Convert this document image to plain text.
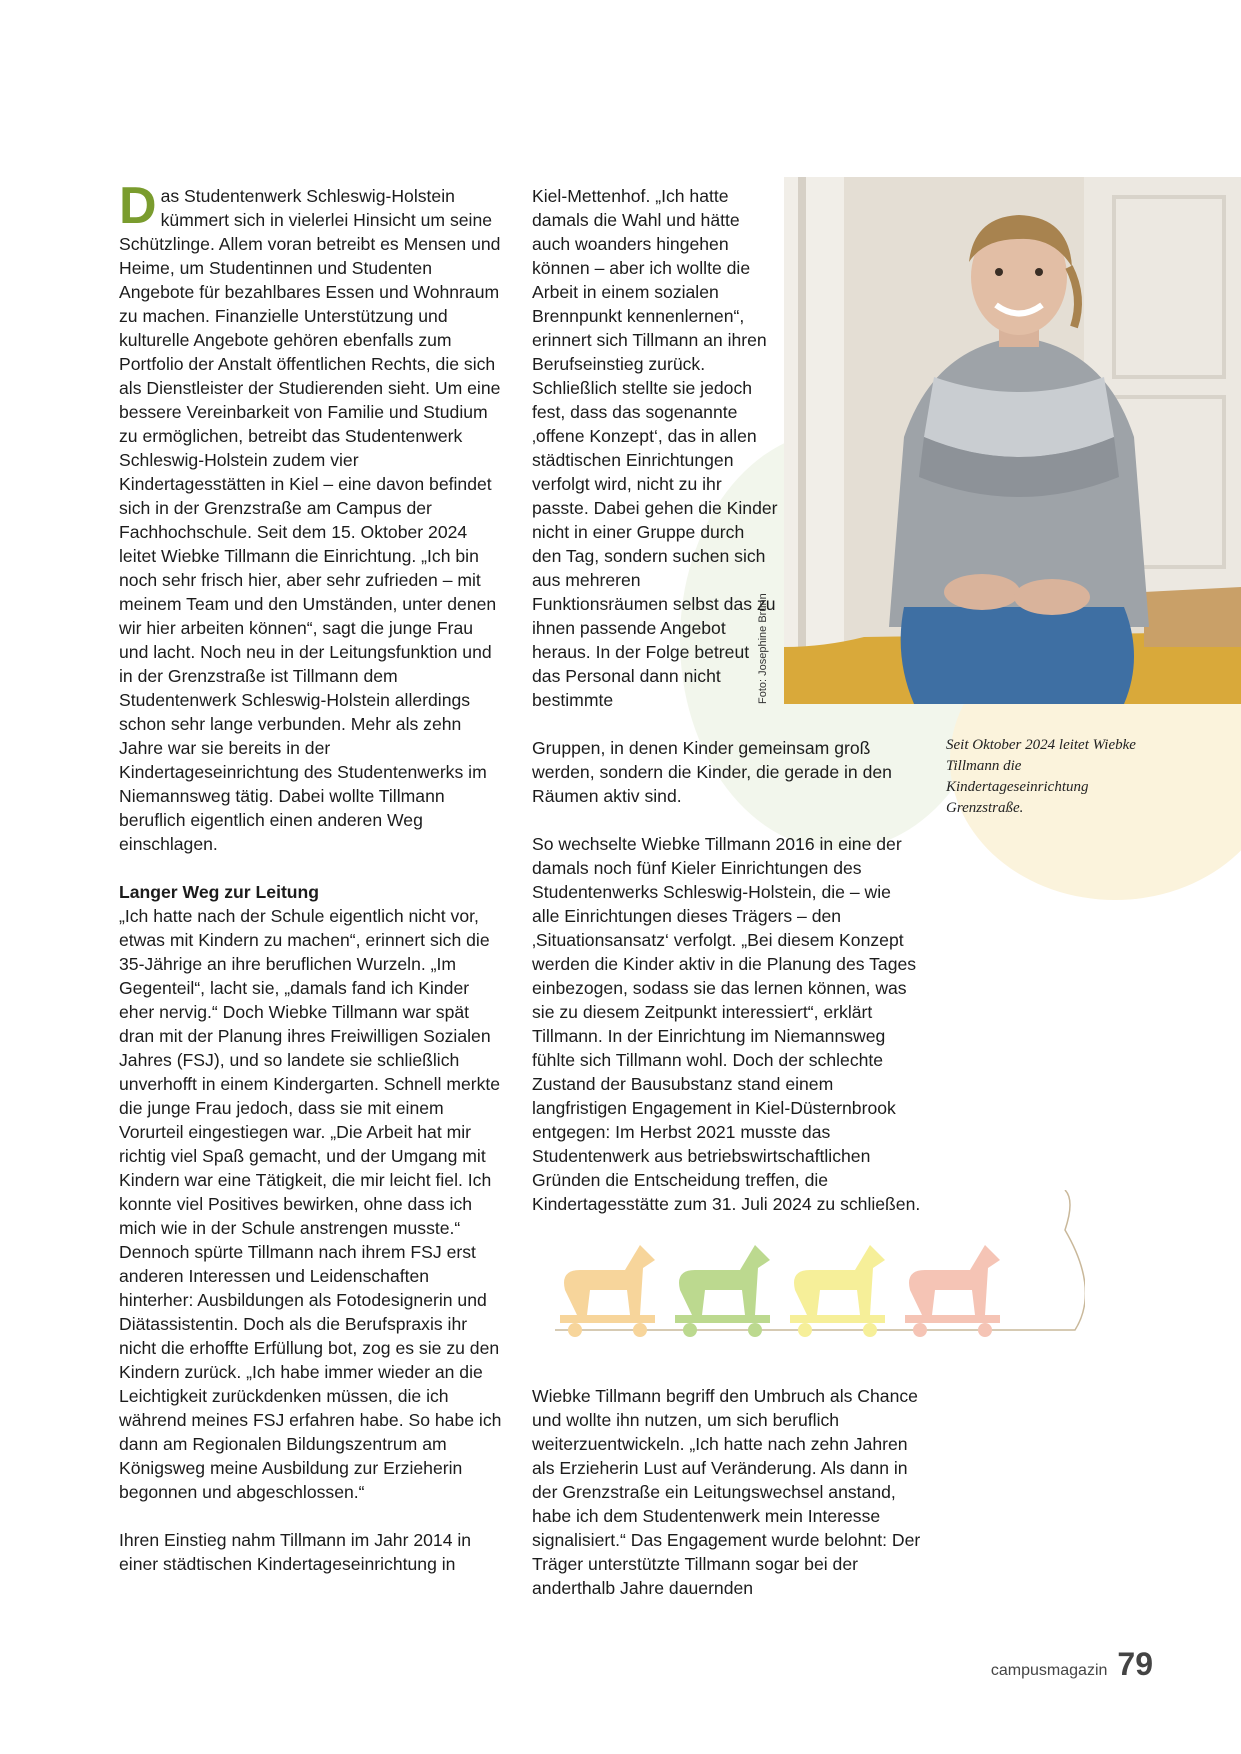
Das Studentenwerk Schleswig-Holstein kümmert sich in vielerlei Hinsicht um seine Schützlinge. Allem voran betreibt es Mensen und Heime, um Studentinnen und Studenten Angebote für bezahlbares Essen und Wohnraum zu machen. Finanzielle Unterstützung und kulturelle Angebote gehören ebenfalls zum Portfolio der Anstalt öffentlichen Rechts, die sich als Dienstleister der Studierenden sieht. Um eine bessere Vereinbarkeit von Familie und Studium zu ermöglichen, betreibt das Studentenwerk Schleswig-Holstein zudem vier Kindertagesstätten in Kiel – eine davon befindet sich in der Grenzstraße am Campus der Fachhochschule. Seit dem 15. Oktober 2024 leitet Wiebke Tillmann die Einrichtung. „Ich bin noch sehr frisch hier, aber sehr zufrieden – mit meinem Team und den Umständen, unter denen wir hier arbeiten können“, sagt die junge Frau und lacht. Noch neu in der Leitungsfunktion und in der Grenzstraße ist Tillmann dem Studentenwerk Schleswig-Holstein allerdings schon sehr lange verbunden. Mehr als zehn Jahre war sie bereits in der Kindertageseinrichtung des Studentenwerks im Niemannsweg tätig. Dabei wollte Tillmann beruflich eigentlich einen anderen Weg einschlagen.

Langer Weg zur Leitung

„Ich hatte nach der Schule eigentlich nicht vor, etwas mit Kindern zu machen“, erinnert sich die 35-Jährige an ihre beruflichen Wurzeln. „Im Gegenteil“, lacht sie, „damals fand ich Kinder eher nervig.“ Doch Wiebke Tillmann war spät dran mit der Planung ihres Freiwilligen Sozialen Jahres (FSJ), und so landete sie schließlich unverhofft in einem Kindergarten. Schnell merkte die junge Frau jedoch, dass sie mit einem Vorurteil eingestiegen war. „Die Arbeit hat mir richtig viel Spaß gemacht, und der Umgang mit Kindern war eine Tätigkeit, die mir leicht fiel. Ich konnte viel Positives bewirken, ohne dass ich mich wie in der Schule anstrengen musste.“ Dennoch spürte Tillmann nach ihrem FSJ erst anderen Interessen und Leidenschaften hinterher: Ausbildungen als Fotodesignerin und Diätassistentin. Doch als die Berufspraxis ihr nicht die erhoffte Erfüllung bot, zog es sie zu den Kindern zurück. „Ich habe immer wieder an die Leichtigkeit zurückdenken müssen, die ich während meines FSJ erfahren habe. So habe ich dann am Regionalen Bildungszentrum am Königsweg meine Ausbildung zur Erzieherin begonnen und abgeschlossen.“

Ihren Einstieg nahm Tillmann im Jahr 2014 in einer städtischen Kindertageseinrichtung in

Kiel-Mettenhof. „Ich hatte damals die Wahl und hätte auch woanders hingehen können – aber ich wollte die Arbeit in einem sozialen Brennpunkt kennenlernen“, erinnert sich Tillmann an ihren Berufseinstieg zurück. Schließlich stellte sie jedoch fest, dass das sogenannte ‚offene Konzept‘, das in allen städtischen Einrichtungen verfolgt wird, nicht zu ihr passte. Dabei gehen die Kinder nicht in einer Gruppe durch den Tag, sondern suchen sich aus mehreren Funktionsräumen selbst das zu ihnen passende Angebot heraus. In der Folge betreut das Personal dann nicht bestimmte

Gruppen, in denen Kinder gemeinsam groß werden, sondern die Kinder, die gerade in den Räumen aktiv sind.

So wechselte Wiebke Tillmann 2016 in eine der damals noch fünf Kieler Einrichtungen des Studentenwerks Schleswig-Holstein, die – wie alle Einrichtungen dieses Trägers – den ‚Situationsansatz‘ verfolgt. „Bei diesem Konzept werden die Kinder aktiv in die Planung des Tages einbezogen, sodass sie das lernen können, was sie zu diesem Zeitpunkt interessiert“, erklärt Tillmann. In der Einrichtung im Niemannsweg fühlte sich Tillmann wohl. Doch der schlechte Zustand der Bausubstanz stand einem langfristigen Engagement in Kiel-Düsternbrook entgegen: Im Herbst 2021 musste das Studentenwerk aus betriebswirtschaftlichen Gründen die Entscheidung treffen, die Kindertagesstätte zum 31. Juli 2024 zu schließen.

Wiebke Tillmann begriff den Umbruch als Chance und wollte ihn nutzen, um sich beruflich weiterzuentwickeln. „Ich hatte nach zehn Jahren als Erzieherin Lust auf Veränderung. Als dann in der Grenzstraße ein Leitungswechsel anstand, habe ich dem Studentenwerk mein Interesse signalisiert.“ Das Engagement wurde belohnt: Der Träger unterstützte Tillmann sogar bei der anderthalb Jahre dauernden

Foto: Josephine Brunn
Seit Oktober 2024 leitet Wiebke Tillmann die Kindertageseinrichtung Grenzstraße.
campusmagazin 79
